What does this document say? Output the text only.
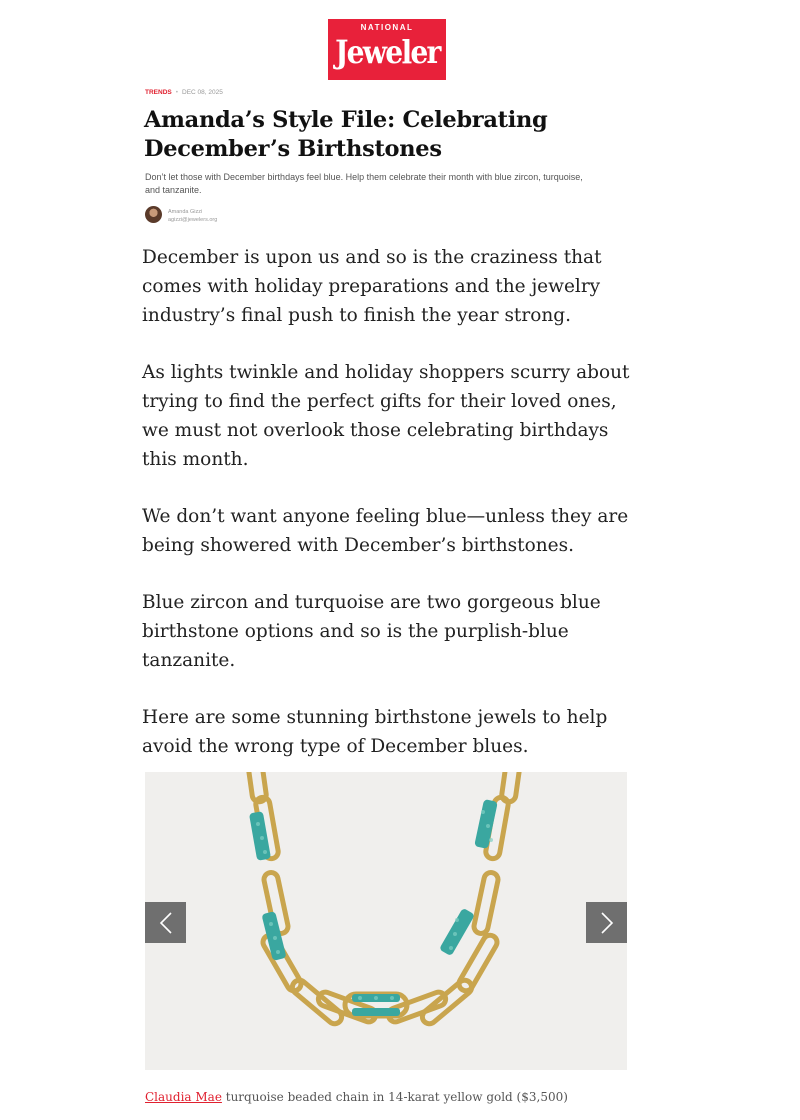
NATIONAL
Jeweler
TRENDS • DEC 08, 2025
Amanda’s Style File: Celebrating December’s Birthstones
Don’t let those with December birthdays feel blue. Help them celebrate their month with blue zircon, turquoise, and tanzanite.
Amanda Gizzi
agizzi@jewelers.org

December is upon us and so is the craziness that comes with holiday preparations and the jewelry industry’s final push to finish the year strong.

As lights twinkle and holiday shoppers scurry about trying to find the perfect gifts for their loved ones, we must not overlook those celebrating birthdays this month.

We don’t want anyone feeling blue—unless they are being showered with December’s birthstones.

Blue zircon and turquoise are two gorgeous blue birthstone options and so is the purplish-blue tanzanite.

Here are some stunning birthstone jewels to help avoid the wrong type of December blues.

Claudia Mae turquoise beaded chain in 14-karat yellow gold ($3,500)
